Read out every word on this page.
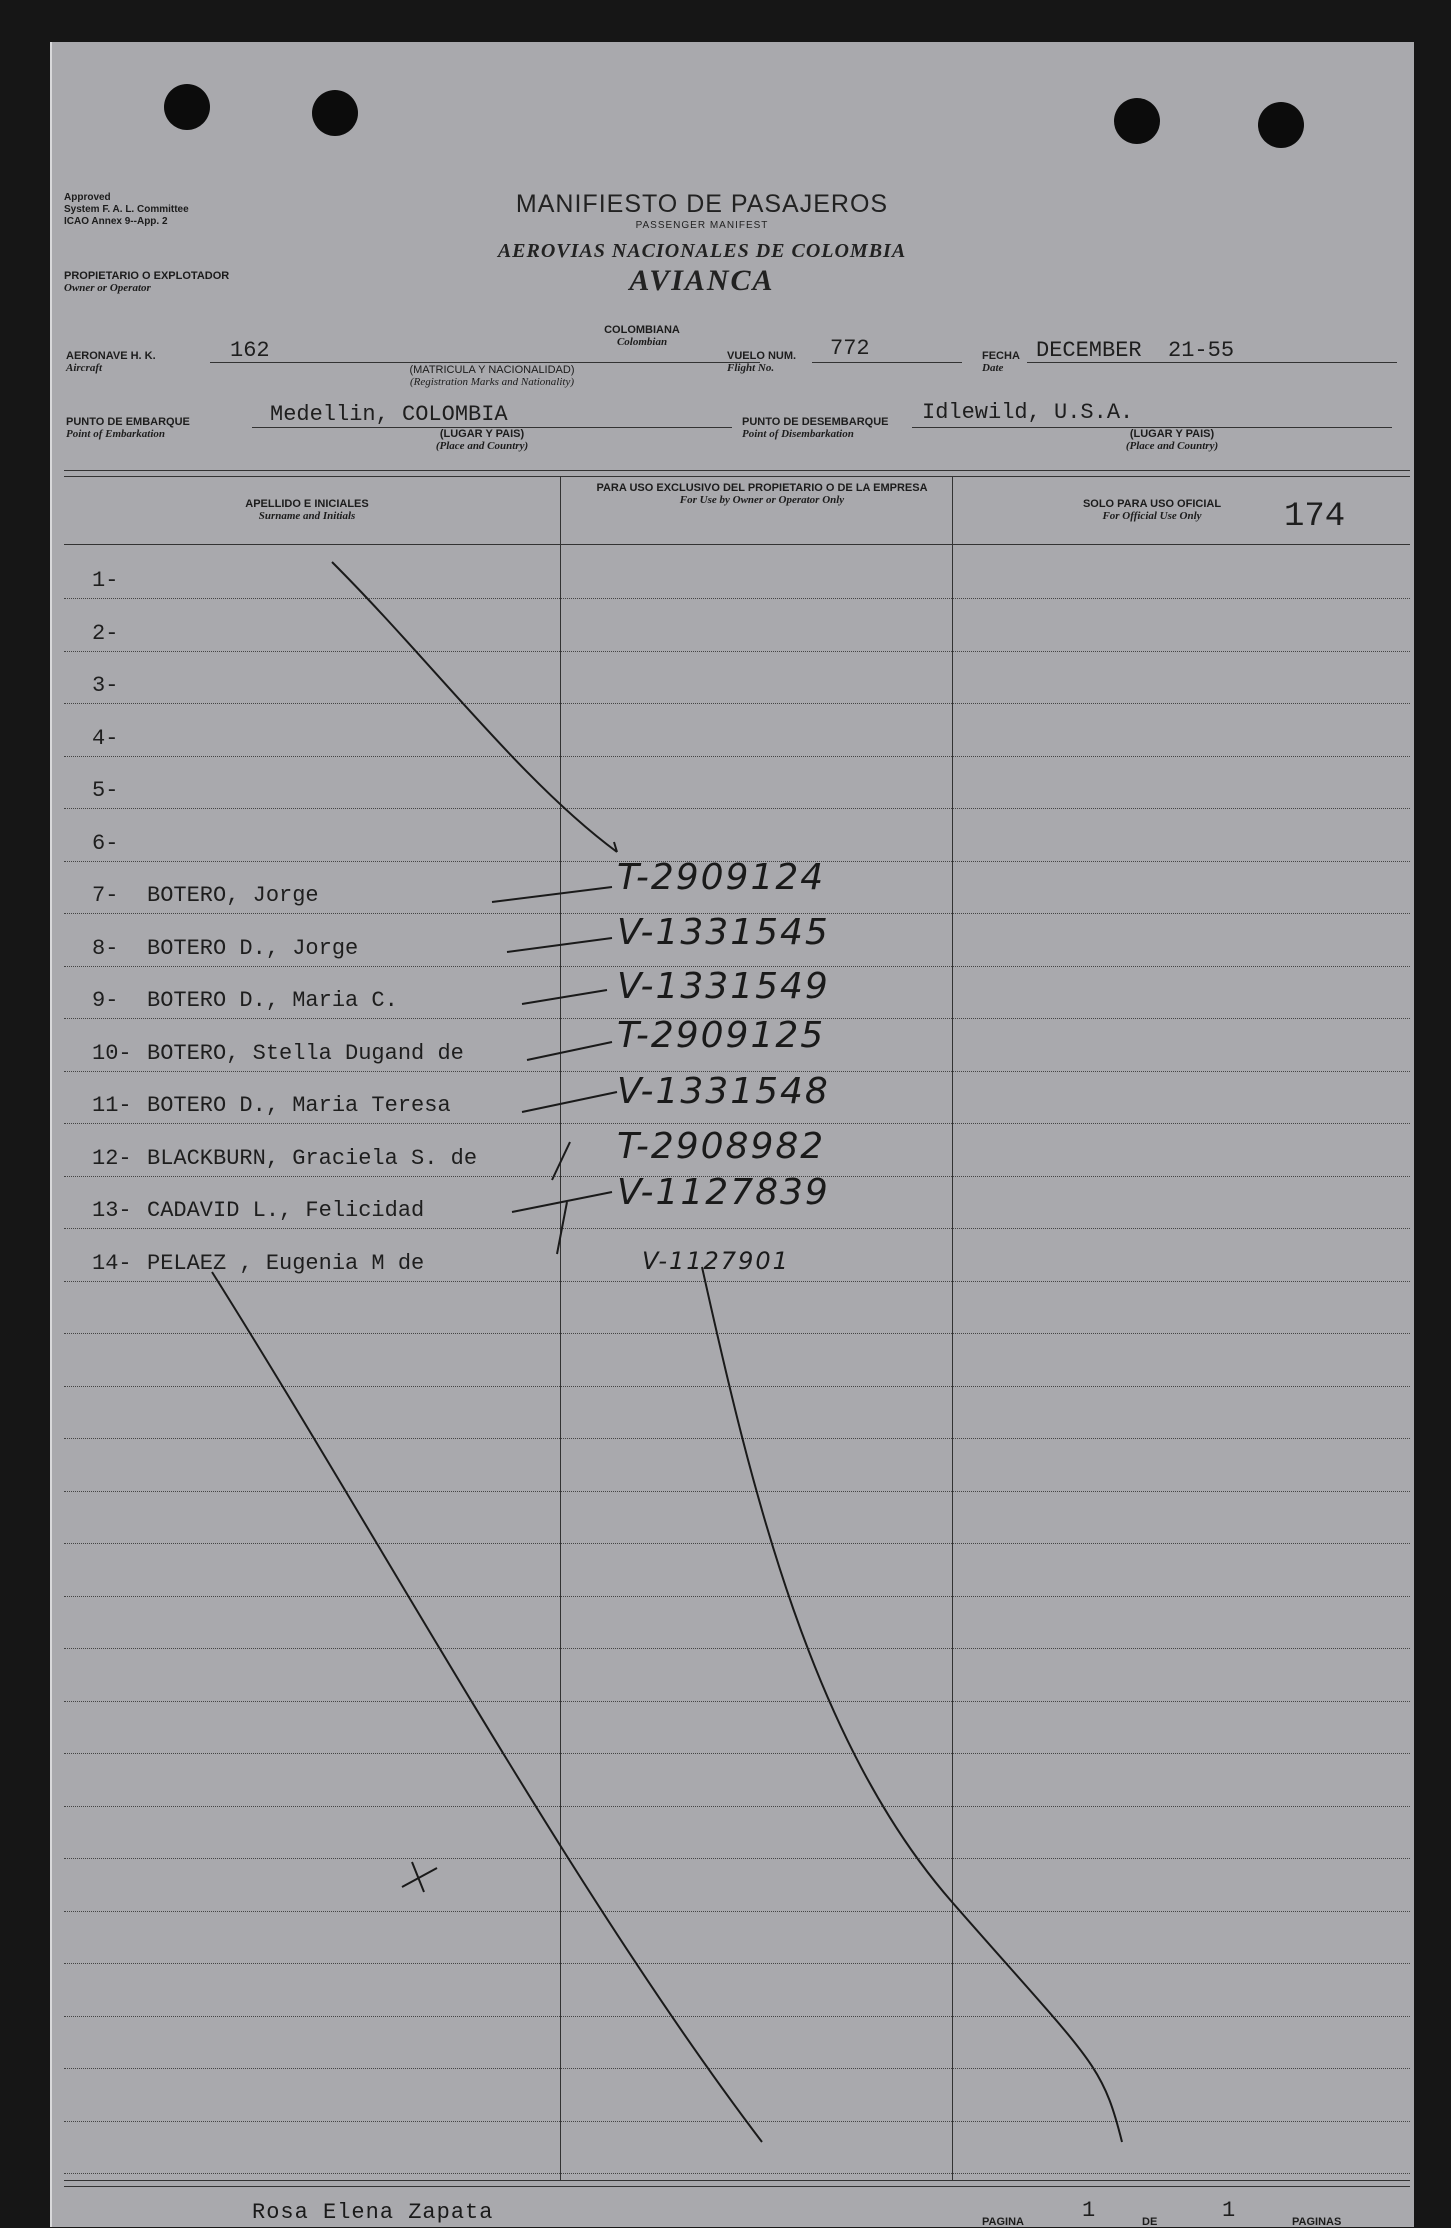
Approved
System F. A. L. Committee
ICAO Annex 9--App. 2
PROPIETARIO O EXPLOTADOR
Owner or Operator
MANIFIESTO DE PASAJEROS
PASSENGER MANIFEST
AEROVIAS NACIONALES DE COLOMBIA
AVIANCA
AERONAVE H. K.
Aircraft
162
COLOMBIANA
Colombian
(MATRICULA Y NACIONALIDAD)
(Registration Marks and Nationality)
VUELO NUM.
Flight No.
772	FECHA
Date
DECEMBER  21-55
PUNTO DE EMBARQUE
Point of Embarkation
Medellin, COLOMBIA
(LUGAR Y PAIS)
(Place and Country)
PUNTO DE DESEMBARQUE
Point of Disembarkation
Idlewild, U.S.A.
(LUGAR Y PAIS)
(Place and Country)
APELLIDO E INICIALES
Surname and Initials
PARA USO EXCLUSIVO DEL PROPIETARIO O DE LA EMPRESA
For Use by Owner or Operator Only	SOLO PARA USO OFICIAL
For Official Use Only	174
1-
2-
3-
4-
5-
6-
7- BOTERO, Jorge	T-2909124
8- BOTERO D., Jorge	V-1331545
9- BOTERO D., Maria C.	V-1331549
10- BOTERO, Stella Dugand de	T-2909125
11- BOTERO D., Maria Teresa	V-1331548
12- BLACKBURN, Graciela S. de	T-2908982
13- CADAVID L., Felicidad	V-1127839
14- PELAEZ , Eugenia M de	V-1127901
Rosa Elena Zapata	PAGINA	1	DE	1	PAGINAS
